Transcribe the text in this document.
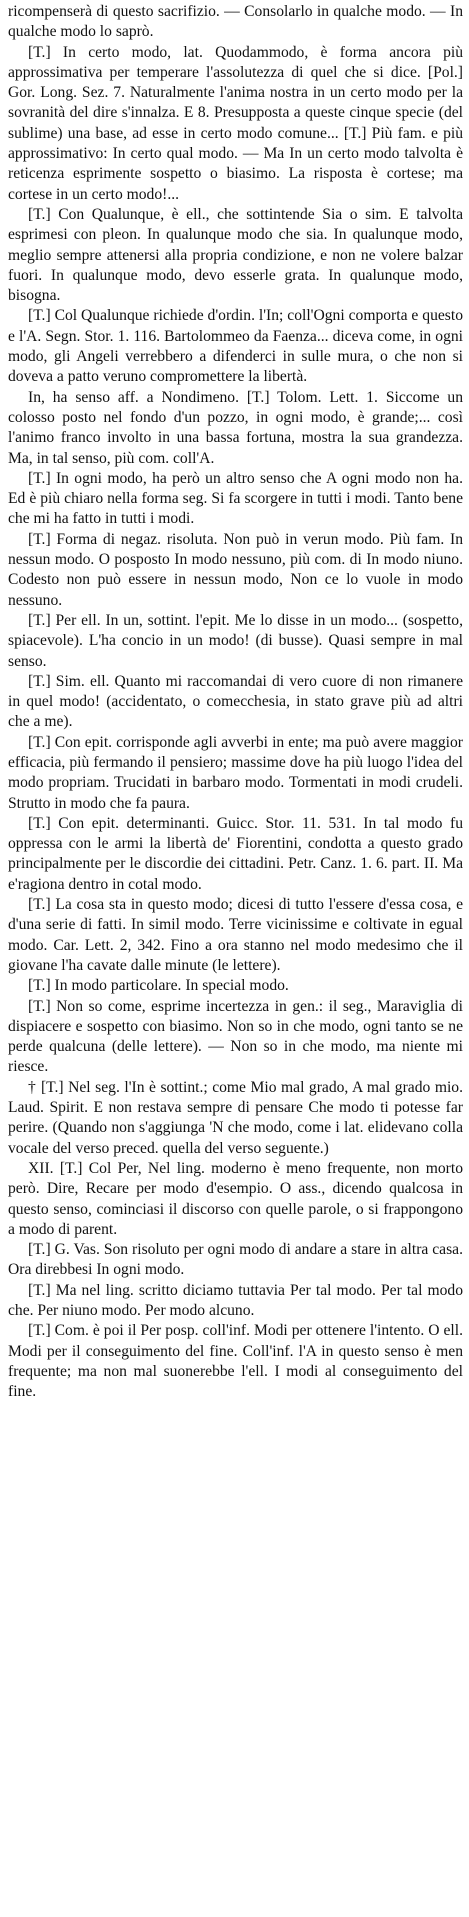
ricompenserà di questo sacrifizio. — Consolarlo in qualche modo. — In qualche modo lo saprò.

[T.] In certo modo, lat. Quodammodo, è forma ancora più approssimativa per temperare l'assolutezza di quel che si dice. [Pol.] Gor. Long. Sez. 7. Naturalmente l'anima nostra in un certo modo per la sovranità del dire s'innalza. E 8. Presupposta a queste cinque specie (del sublime) una base, ad esse in certo modo comune... [T.] Più fam. e più approssimativo: In certo qual modo. — Ma In un certo modo talvolta è reticenza esprimente sospetto o biasimo. La risposta è cortese; ma cortese in un certo modo!...

[T.] Con Qualunque, è ell., che sottintende Sia o sim. E talvolta esprimesi con pleon. In qualunque modo che sia. In qualunque modo, meglio sempre attenersi alla propria condizione, e non ne volere balzar fuori. In qualunque modo, devo esserle grata. In qualunque modo, bisogna.

[T.] Col Qualunque richiede d'ordin. l'In; coll'Ogni comporta e questo e l'A. Segn. Stor. 1. 116. Bartolommeo da Faenza... diceva come, in ogni modo, gli Angeli verrebbero a difenderci in sulle mura, o che non si doveva a patto veruno compromettere la libertà.

In, ha senso aff. a Nondimeno. [T.] Tolom. Lett. 1. Siccome un colosso posto nel fondo d'un pozzo, in ogni modo, è grande;... così l'animo franco involto in una bassa fortuna, mostra la sua grandezza. Ma, in tal senso, più com. coll'A.

[T.] In ogni modo, ha però un altro senso che A ogni modo non ha. Ed è più chiaro nella forma seg. Si fa scorgere in tutti i modi. Tanto bene che mi ha fatto in tutti i modi.

[T.] Forma di negaz. risoluta. Non può in verun modo. Più fam. In nessun modo. O posposto In modo nessuno, più com. di In modo niuno. Codesto non può essere in nessun modo, Non ce lo vuole in modo nessuno.

[T.] Per ell. In un, sottint. l'epit. Me lo disse in un modo... (sospetto, spiacevole). L'ha concio in un modo! (di busse). Quasi sempre in mal senso.

[T.] Sim. ell. Quanto mi raccomandai di vero cuore di non rimanere in quel modo! (accidentato, o comecchesia, in stato grave più ad altri che a me).

[T.] Con epit. corrisponde agli avverbi in ente; ma può avere maggior efficacia, più fermando il pensiero; massime dove ha più luogo l'idea del modo propriam. Trucidati in barbaro modo. Tormentati in modi crudeli. Strutto in modo che fa paura.

[T.] Con epit. determinanti. Guicc. Stor. 11. 531. In tal modo fu oppressa con le armi la libertà de' Fiorentini, condotta a questo grado principalmente per le discordie dei cittadini. Petr. Canz. 1. 6. part. II. Ma e'ragiona dentro in cotal modo.

[T.] La cosa sta in questo modo; dicesi di tutto l'essere d'essa cosa, e d'una serie di fatti. In simil modo. Terre vicinissime e coltivate in egual modo. Car. Lett. 2, 342. Fino a ora stanno nel modo medesimo che il giovane l'ha cavate dalle minute (le lettere).

[T.] In modo particolare. In special modo.

[T.] Non so come, esprime incertezza in gen.: il seg., Maraviglia di dispiacere e sospetto con biasimo. Non so in che modo, ogni tanto se ne perde qualcuna (delle lettere). — Non so in che modo, ma niente mi riesce.

† [T.] Nel seg. l'In è sottint.; come Mio mal grado, A mal grado mio. Laud. Spirit. E non restava sempre di pensare Che modo ti potesse far perire. (Quando non s'aggiunga 'N che modo, come i lat. elidevano colla vocale del verso preced. quella del verso seguente.)

XII. [T.] Col Per, Nel ling. moderno è meno frequente, non morto però. Dire, Recare per modo d'esempio. O ass., dicendo qualcosa in questo senso, cominciasi il discorso con quelle parole, o si frappongono a modo di parent.

[T.] G. Vas. Son risoluto per ogni modo di andare a stare in altra casa. Ora direbbesi In ogni modo.

[T.] Ma nel ling. scritto diciamo tuttavia Per tal modo. Per tal modo che. Per niuno modo. Per modo alcuno.

[T.] Com. è poi il Per posp. coll'inf. Modi per ottenere l'intento. O ell. Modi per il conseguimento del fine. Coll'inf. l'A in questo senso è men frequente; ma non mal suonerebbe l'ell. I modi al conseguimento del fine.
